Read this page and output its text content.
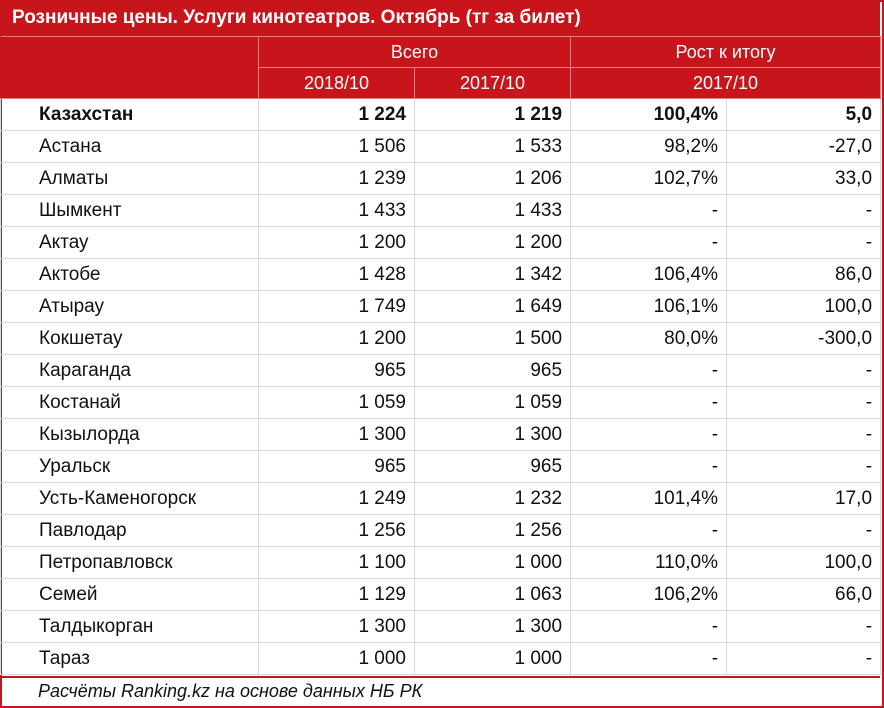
Розничные цены. Услуги кинотеатров. Октябрь (тг за билет)
	Всего		Рост к итогу	
	2018/10	2017/10	2017/10	
Казахстан	1 224	1 219	100,4%	5,0
Астана	1 506	1 533	98,2%	-27,0
Алматы	1 239	1 206	102,7%	33,0
Шымкент	1 433	1 433	-	-
Актау	1 200	1 200	-	-
Актобе	1 428	1 342	106,4%	86,0
Атырау	1 749	1 649	106,1%	100,0
Кокшетау	1 200	1 500	80,0%	-300,0
Караганда	965	965	-	-
Костанай	1 059	1 059	-	-
Кызылорда	1 300	1 300	-	-
Уральск	965	965	-	-
Усть-Каменогорск	1 249	1 232	101,4%	17,0
Павлодар	1 256	1 256	-	-
Петропавловск	1 100	1 000	110,0%	100,0
Семей	1 129	1 063	106,2%	66,0
Талдыкорган	1 300	1 300	-	-
Тараз	1 000	1 000	-	-
Расчёты Ranking.kz на основе данных НБ РК
